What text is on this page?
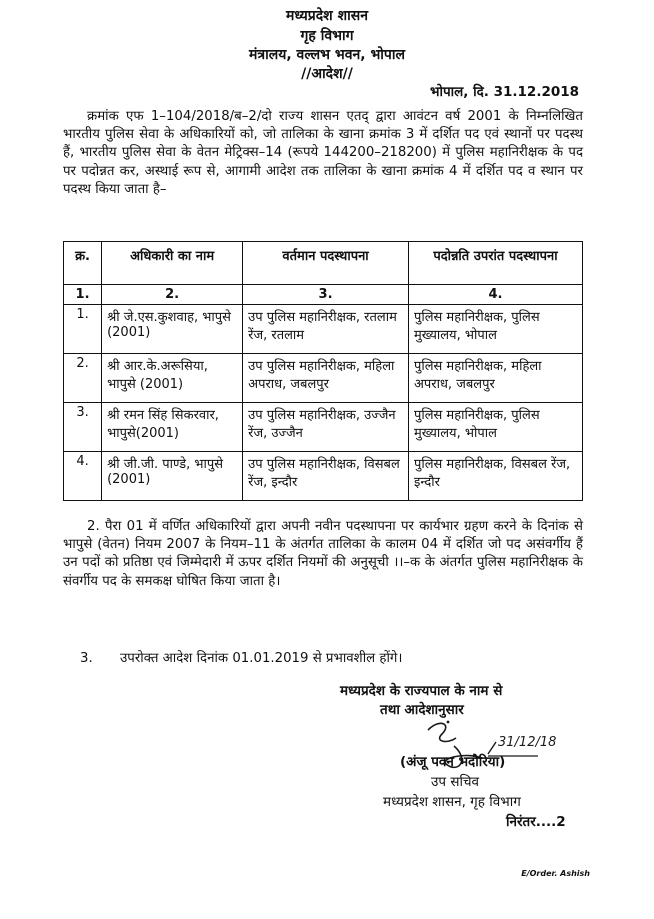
मध्यप्रदेश शासन
गृह विभाग
मंत्रालय, वल्लभ भवन, भोपाल
//आदेश//
भोपाल, दि. 31.12.2018
क्रमांक एफ 1–104/2018/ब–2/दो राज्य शासन एतद् द्वारा आवंटन वर्ष 2001 के निम्नलिखित भारतीय पुलिस सेवा के अधिकारियों को, जो तालिका के खाना क्रमांक 3 में दर्शित पद एवं स्थानों पर पदस्थ हैं, भारतीय पुलिस सेवा के वेतन मेट्रिक्स–14 (रूपये 144200–218200) में पुलिस महानिरीक्षक के पद पर पदोन्नत कर, अस्थाई रूप से, आगामी आदेश तक तालिका के खाना क्रमांक 4 में दर्शित पद व स्थान पर पदस्थ किया जाता है–
क्र.	अधिकारी का नाम	वर्तमान पदस्थापना	पदोन्नति उपरांत पदस्थापना
1.	2.	3.	4.
1.	श्री जे.एस.कुशवाह, भापुसे (2001)	उप पुलिस महानिरीक्षक, रतलाम रेंज, रतलाम	पुलिस महानिरीक्षक, पुलिस मुख्यालय, भोपाल
2.	श्री आर.के.अरूसिया, भापुसे (2001)	उप पुलिस महानिरीक्षक, महिला अपराध, जबलपुर	पुलिस महानिरीक्षक, महिला अपराध, जबलपुर
3.	श्री रमन सिंह सिकरवार, भापुसे(2001)	उप पुलिस महानिरीक्षक, उज्जैन रेंज, उज्जैन	पुलिस महानिरीक्षक, पुलिस मुख्यालय, भोपाल
4.	श्री जी.जी. पाण्डे, भापुसे (2001)	उप पुलिस महानिरीक्षक, विसबल रेंज, इन्दौर	पुलिस महानिरीक्षक, विसबल रेंज, इन्दौर
2. पैरा 01 में वर्णित अधिकारियों द्वारा अपनी नवीन पदस्थापना पर कार्यभार ग्रहण करने के दिनांक से भापुसे (वेतन) नियम 2007 के नियम–11 के अंतर्गत तालिका के कालम 04 में दर्शित जो पद असंवर्गीय हैं उन पदों को प्रतिष्ठा एवं जिम्मेदारी में ऊपर दर्शित नियमों की अनुसूची ।।–क के अंतर्गत पुलिस महानिरीक्षक के संवर्गीय पद के समकक्ष घोषित किया जाता है।
3. उपरोक्त आदेश दिनांक 01.01.2019 से प्रभावशील होंगे।
मध्यप्रदेश के राज्यपाल के नाम से
तथा आदेशानुसार
31/12/18
(अंजू पवन भदौरिया)
उप सचिव
मध्यप्रदेश शासन, गृह विभाग
निरंतर....2
E/Order. Ashish
